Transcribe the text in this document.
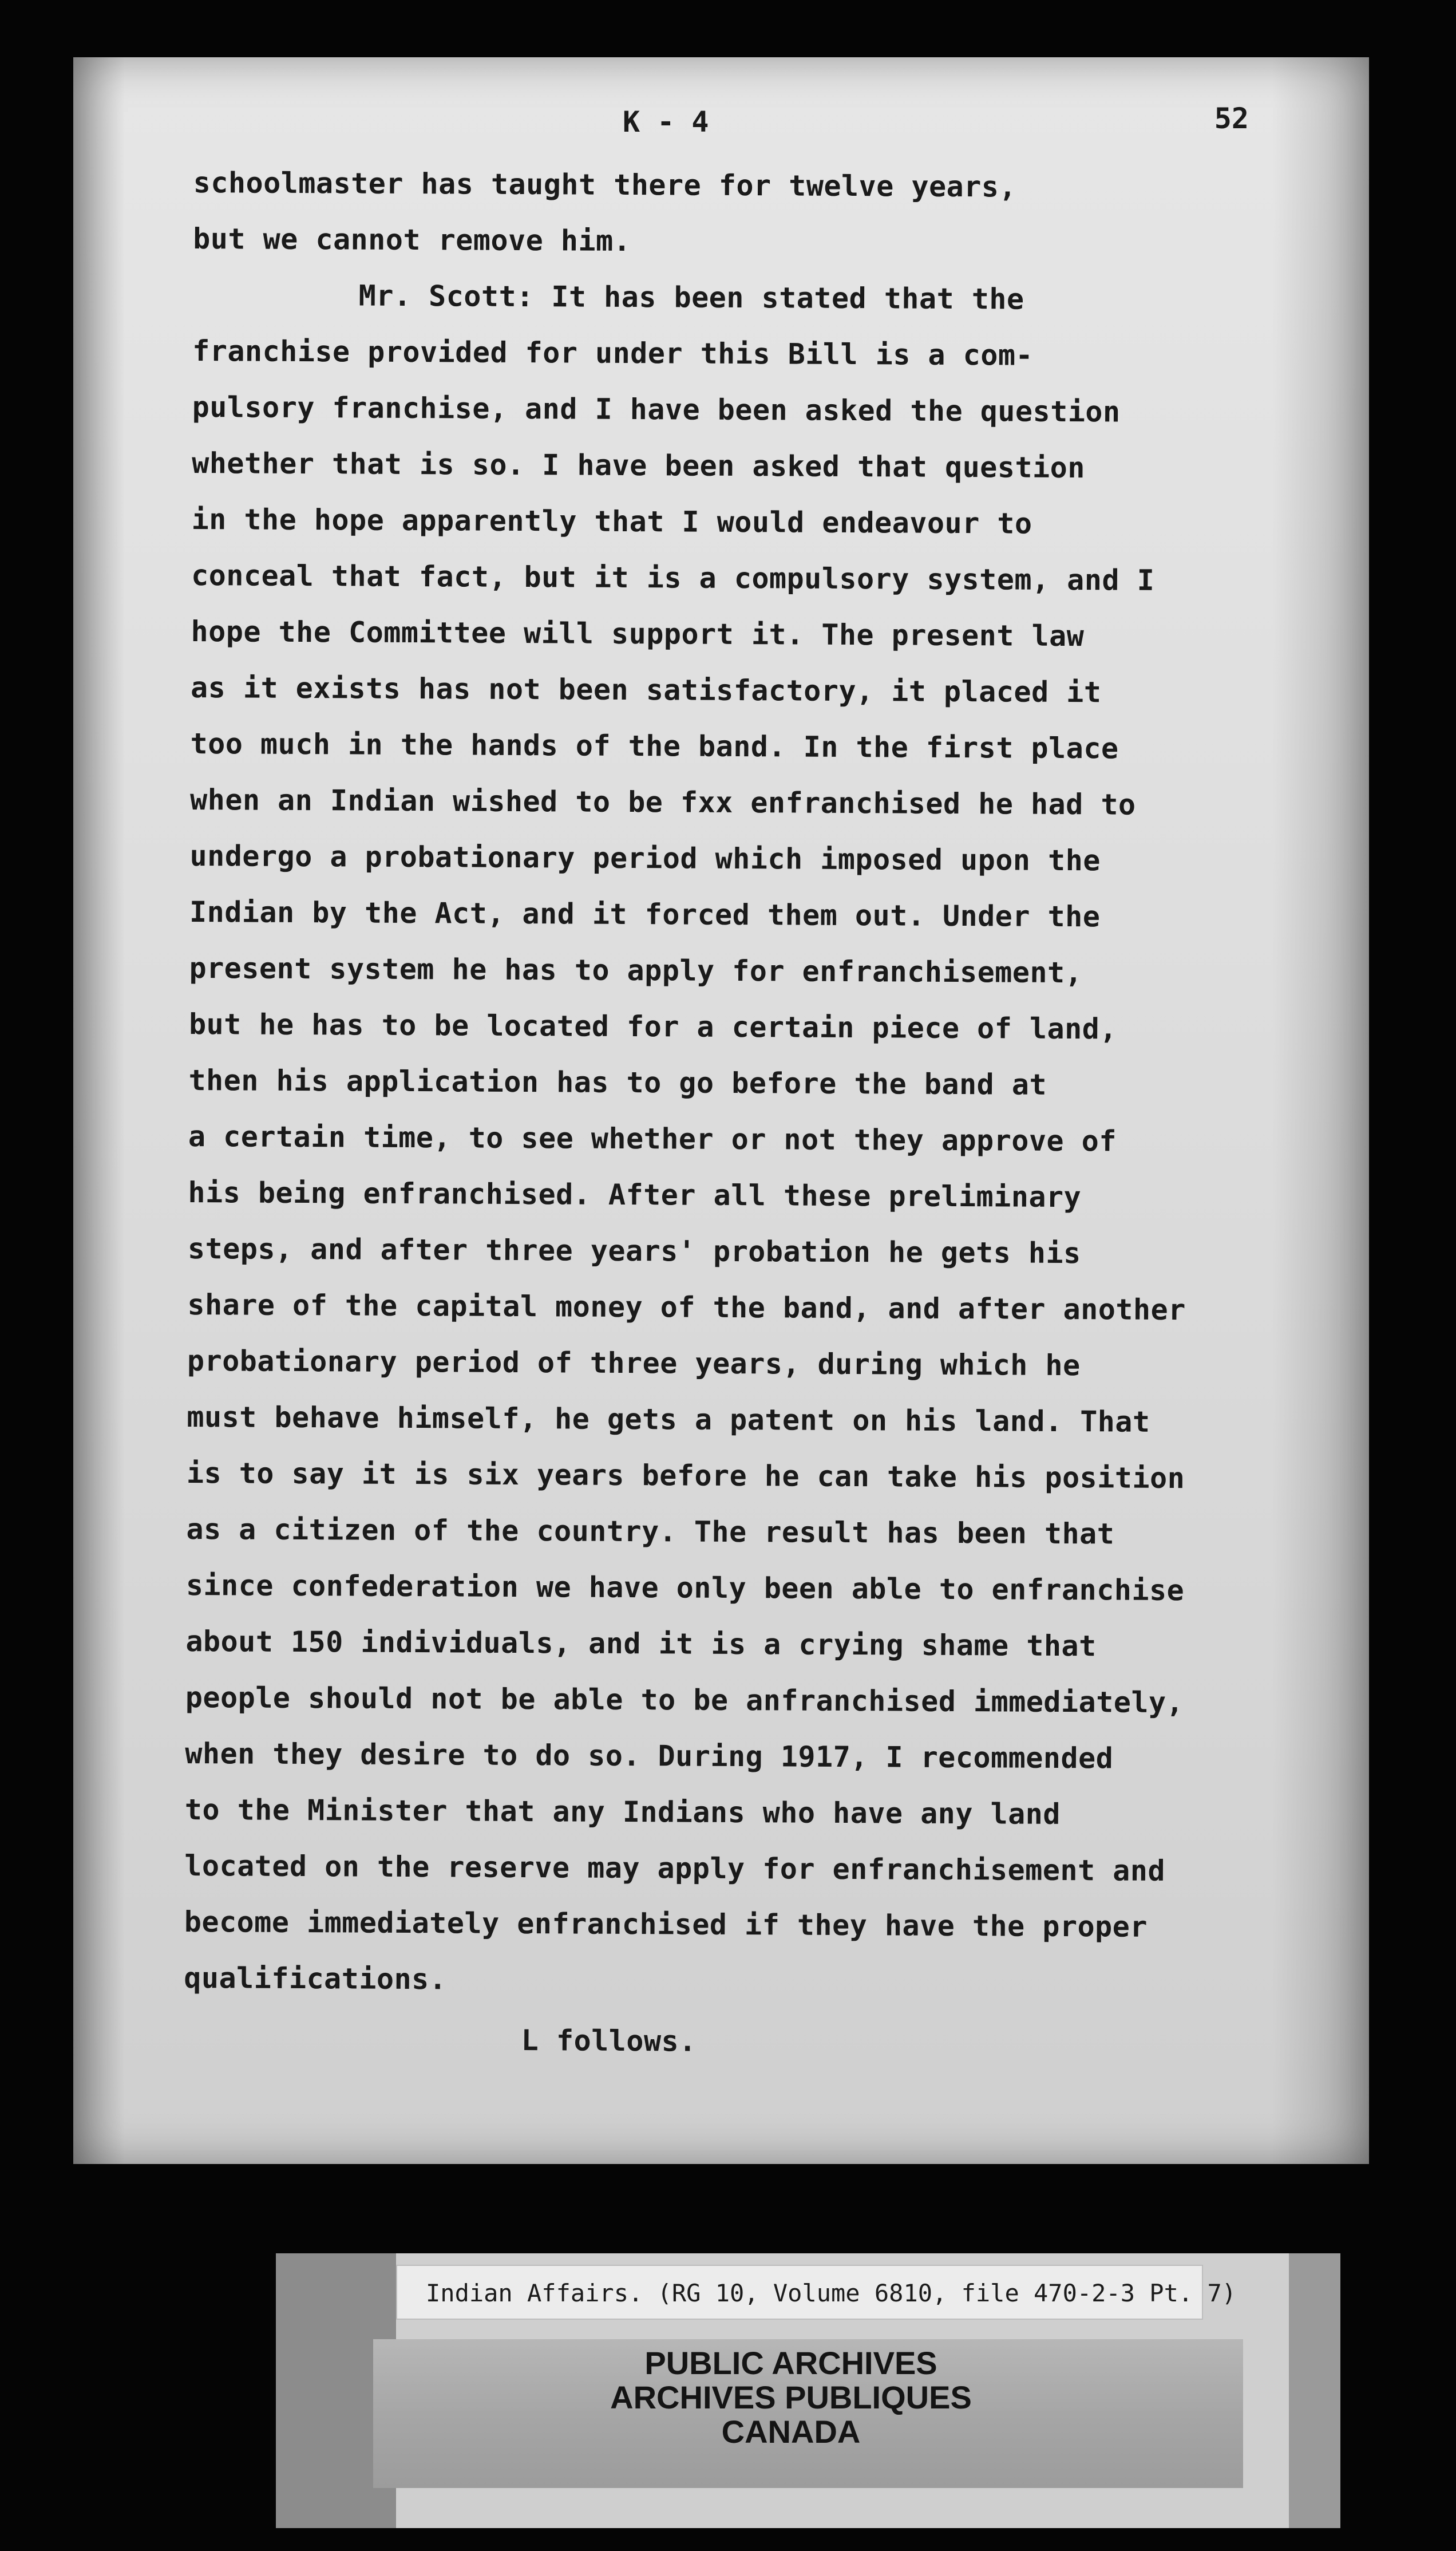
K - 4	52
schoolmaster has taught there for twelve years,
but we cannot remove him.
Mr. Scott: It has been stated that the
franchise provided for under this Bill is a com-
pulsory franchise, and I have been asked the question
whether that is so. I have been asked that question
in the hope apparently that I would endeavour to
conceal that fact, but it is a compulsory system, and I
hope the Committee will support it. The present law
as it exists has not been satisfactory, it placed it
too much in the hands of the band. In the first place
when an Indian wished to be fxx enfranchised he had to
undergo a probationary period which imposed upon the
Indian by the Act, and it forced them out. Under the
present system he has to apply for enfranchisement,
but he has to be located for a certain piece of land,
then his application has to go before the band at
a certain time, to see whether or not they approve of
his being enfranchised. After all these preliminary
steps, and after three years' probation he gets his
share of the capital money of the band, and after another
probationary period of three years, during which he
must behave himself, he gets a patent on his land. That
is to say it is six years before he can take his position
as a citizen of the country. The result has been that
since confederation we have only been able to enfranchise
about 150 individuals, and it is a crying shame that
people should not be able to be anfranchised immediately,
when they desire to do so. During 1917, I recommended
to the Minister that any Indians who have any land
located on the reserve may apply for enfranchisement and
become immediately enfranchised if they have the proper
qualifications.
L follows.
Indian Affairs. (RG 10, Volume 6810, file 470-2-3 Pt. 7)
PUBLIC ARCHIVES
ARCHIVES PUBLIQUES
CANADA
